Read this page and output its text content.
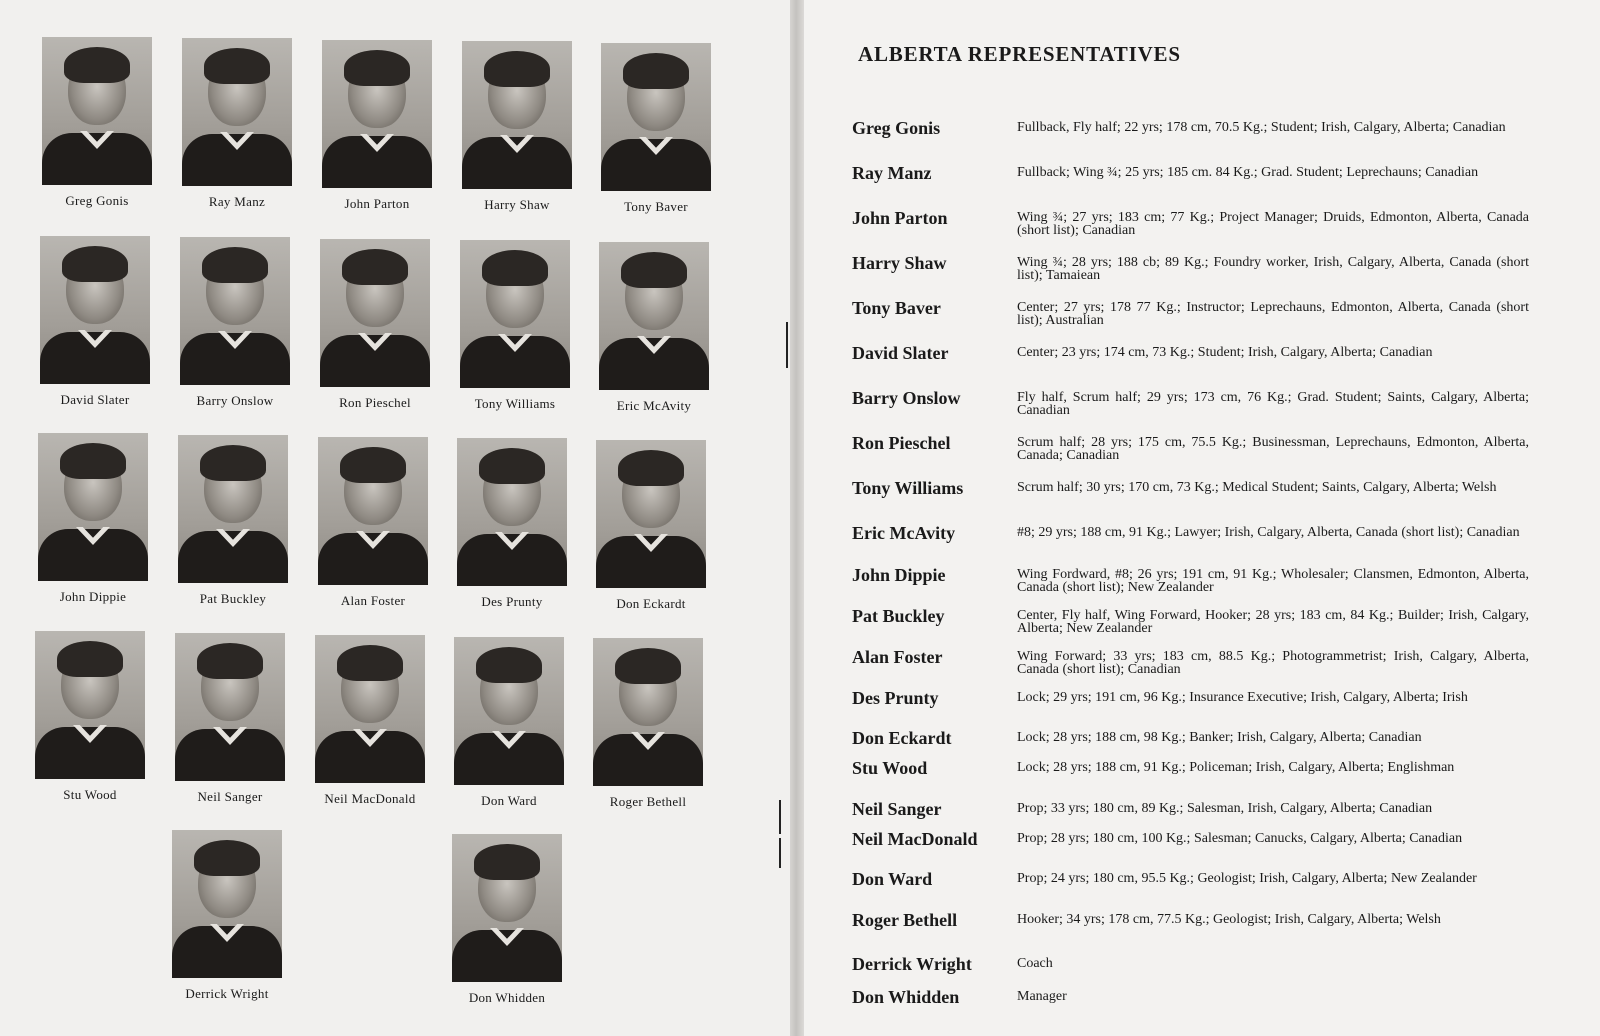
Greg Gonis	Ray Manz	John Parton	Harry Shaw	Tony Baver
David Slater	Barry Onslow	Ron Pieschel	Tony Williams	Eric McAvity
John Dippie	Pat Buckley	Alan Foster	Des Prunty	Don Eckardt
Stu Wood	Neil Sanger	Neil MacDonald	Don Ward	Roger Bethell
Derrick Wright	Don Whidden
ALBERTA REPRESENTATIVES
Greg Gonis	Fullback, Fly half; 22 yrs; 178 cm, 70.5 Kg.; Student; Irish, Calgary, Alberta; Canadian
Ray Manz	Fullback; Wing ¾; 25 yrs; 185 cm. 84 Kg.; Grad. Student; Leprechauns; Canadian
John Parton	Wing ¾; 27 yrs; 183 cm; 77 Kg.; Project Manager; Druids, Edmonton, Alberta, Canada (short list); Canadian
Harry Shaw	Wing ¾; 28 yrs; 188 cb; 89 Kg.; Foundry worker, Irish, Calgary, Alberta, Canada (short list); Tamaiean
Tony Baver	Center; 27 yrs; 178 77 Kg.; Instructor; Leprechauns, Edmonton, Alberta, Canada (short list); Australian
David Slater	Center; 23 yrs; 174 cm, 73 Kg.; Student; Irish, Calgary, Alberta; Canadian
Barry Onslow	Fly half, Scrum half; 29 yrs; 173 cm, 76 Kg.; Grad. Student; Saints, Calgary, Alberta; Canadian
Ron Pieschel	Scrum half; 28 yrs; 175 cm, 75.5 Kg.; Businessman, Leprechauns, Edmonton, Alberta, Canada; Canadian
Tony Williams	Scrum half; 30 yrs; 170 cm, 73 Kg.; Medical Student; Saints, Calgary, Alberta; Welsh
Eric McAvity	#8; 29 yrs; 188 cm, 91 Kg.; Lawyer; Irish, Calgary, Alberta, Canada (short list); Canadian
John Dippie	Wing Fordward, #8; 26 yrs; 191 cm, 91 Kg.; Wholesaler; Clansmen, Edmonton, Alberta, Canada (short list); New Zealander
Pat Buckley	Center, Fly half, Wing Forward, Hooker; 28 yrs; 183 cm, 84 Kg.; Builder; Irish, Calgary, Alberta; New Zealander
Alan Foster	Wing Forward; 33 yrs; 183 cm, 88.5 Kg.; Photogrammetrist; Irish, Calgary, Alberta, Canada (short list); Canadian
Des Prunty	Lock; 29 yrs; 191 cm, 96 Kg.; Insurance Executive; Irish, Calgary, Alberta; Irish
Don Eckardt	Lock; 28 yrs; 188 cm, 98 Kg.; Banker; Irish, Calgary, Alberta; Canadian
Stu Wood	Lock; 28 yrs; 188 cm, 91 Kg.; Policeman; Irish, Calgary, Alberta; Englishman
Neil Sanger	Prop; 33 yrs; 180 cm, 89 Kg.; Salesman, Irish, Calgary, Alberta; Canadian
Neil MacDonald	Prop; 28 yrs; 180 cm, 100 Kg.; Salesman; Canucks, Calgary, Alberta; Canadian
Don Ward	Prop; 24 yrs; 180 cm, 95.5 Kg.; Geologist; Irish, Calgary, Alberta; New Zealander
Roger Bethell	Hooker; 34 yrs; 178 cm, 77.5 Kg.; Geologist; Irish, Calgary, Alberta; Welsh
Derrick Wright	Coach
Don Whidden	Manager
